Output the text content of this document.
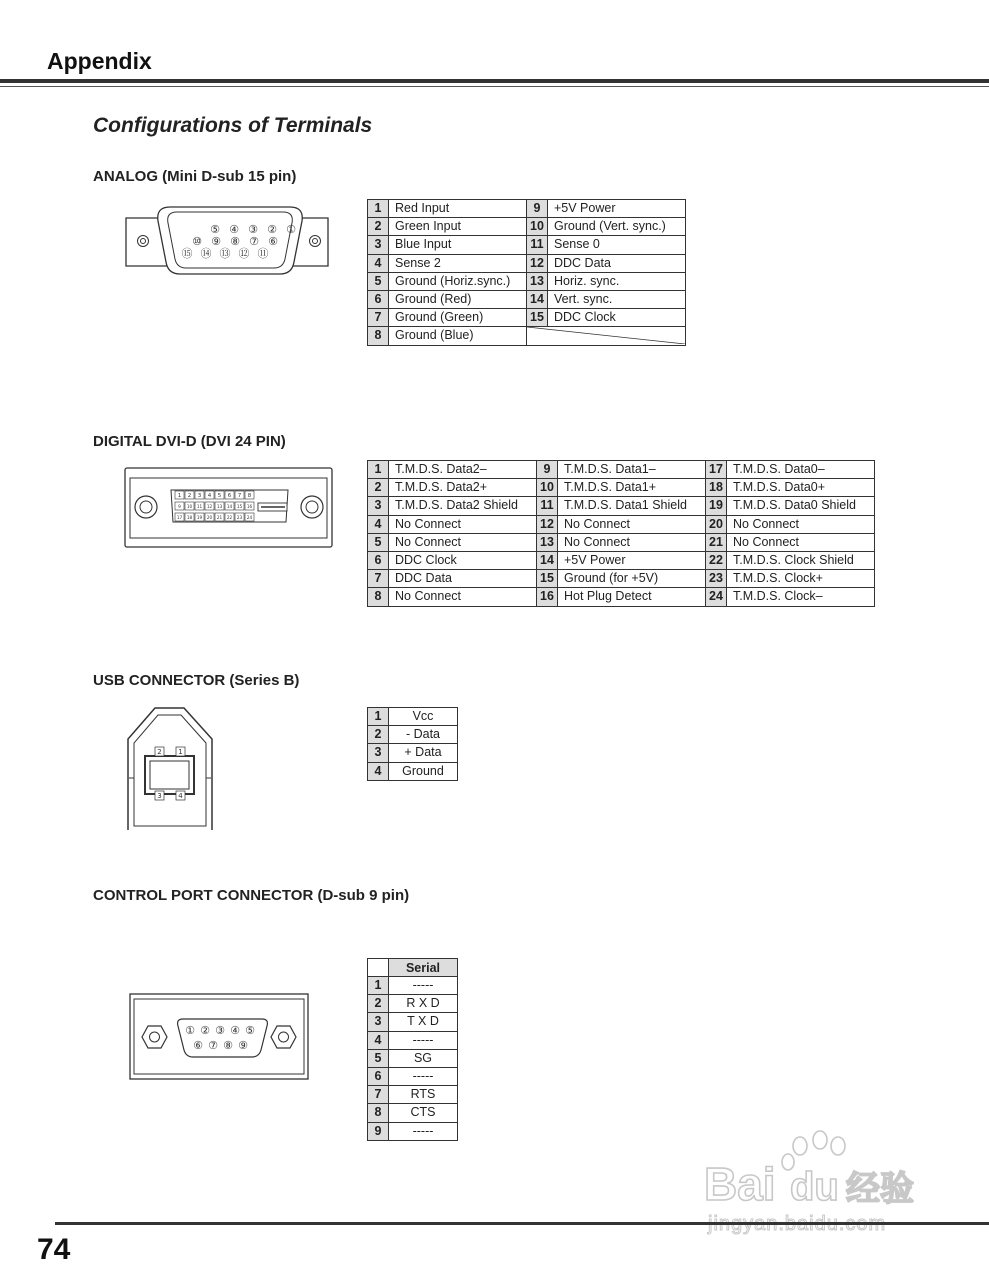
Appendix
Configurations of Terminals
ANALOG (Mini D-sub 15 pin)
⑤ ④ ③ ② ①
⑩ ⑨ ⑧ ⑦ ⑥
⑮ ⑭ ⑬ ⑫ ⑪
1	Red Input	9	+5V Power
2	Green Input	10	Ground (Vert. sync.)
3	Blue Input	11	Sense 0
4	Sense 2	12	DDC Data
5	Ground (Horiz.sync.)	13	Horiz. sync.
6	Ground (Red)	14	Vert. sync.
7	Ground (Green)	15	DDC Clock
8	Ground (Blue)	
DIGITAL DVI-D (DVI 24 PIN)
1 2 3 4 5 6 7 8
9 10 11 12 13 14 15 16
17 18 19 20 21 22 23 24
1	T.M.D.S. Data2–	9	T.M.D.S. Data1–	17	T.M.D.S. Data0–
2	T.M.D.S. Data2+	10	T.M.D.S. Data1+	18	T.M.D.S. Data0+
3	T.M.D.S. Data2 Shield	11	T.M.D.S. Data1 Shield	19	T.M.D.S. Data0 Shield
4	No Connect	12	No Connect	20	No Connect
5	No Connect	13	No Connect	21	No Connect
6	DDC Clock	14	+5V Power	22	T.M.D.S. Clock Shield
7	DDC Data	15	Ground (for +5V)	23	T.M.D.S. Clock+
8	No Connect	16	Hot Plug Detect	24	T.M.D.S. Clock–
USB CONNECTOR (Series B)
2 1
3 4
1	Vcc
2	- Data
3	+ Data
4	Ground
CONTROL PORT CONNECTOR (D-sub 9 pin)
① ② ③ ④ ⑤
⑥ ⑦ ⑧ ⑨
	Serial
1	-----
2	R X D
3	T X D
4	-----
5	SG
6	-----
7	RTS
8	CTS
9	-----
Bai du 经验
74
